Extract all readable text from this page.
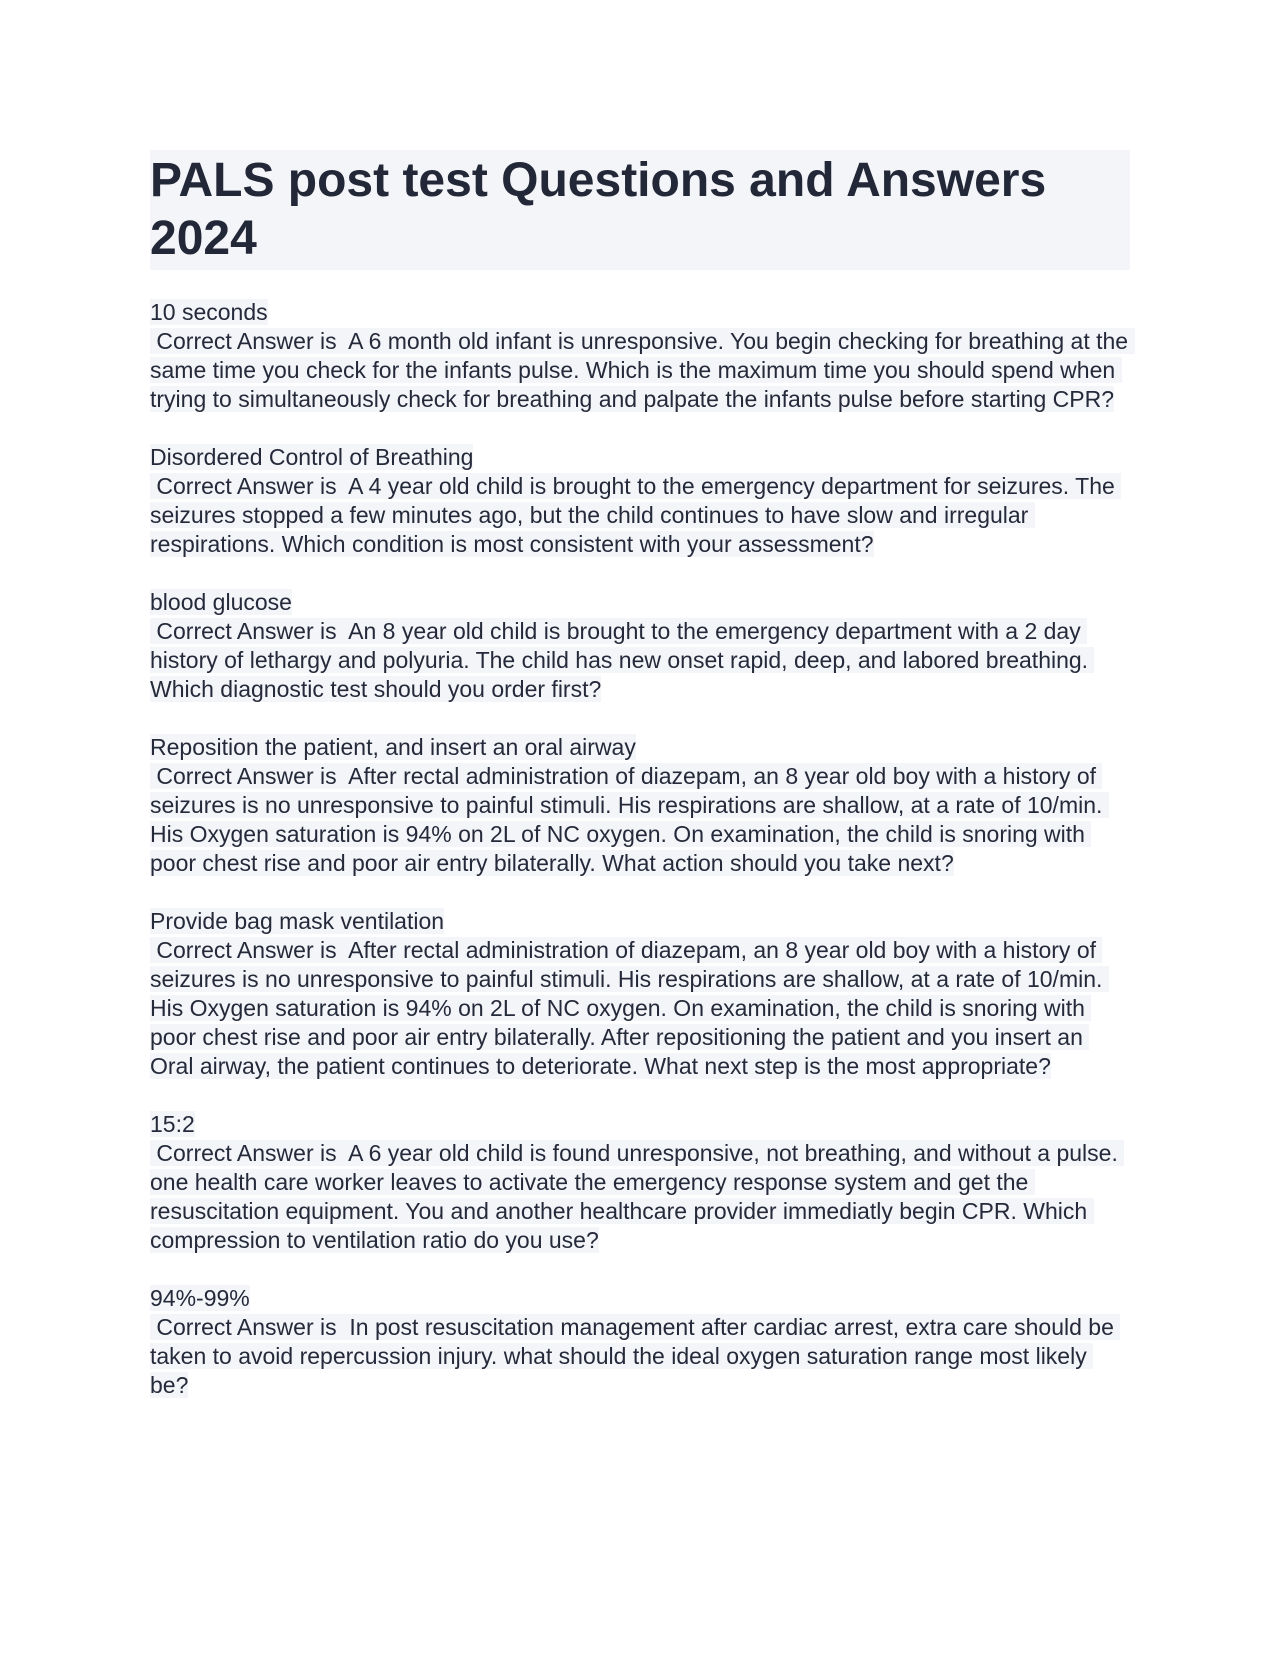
PALS post test Questions and Answers 2024
10 seconds
Correct Answer is  A 6 month old infant is unresponsive. You begin checking for breathing at the same time you check for the infants pulse. Which is the maximum time you should spend when trying to simultaneously check for breathing and palpate the infants pulse before starting CPR?
Disordered Control of Breathing
Correct Answer is  A 4 year old child is brought to the emergency department for seizures. The seizures stopped a few minutes ago, but the child continues to have slow and irregular respirations. Which condition is most consistent with your assessment?
blood glucose
Correct Answer is  An 8 year old child is brought to the emergency department with a 2 day history of lethargy and polyuria. The child has new onset rapid, deep, and labored breathing. Which diagnostic test should you order first?
Reposition the patient, and insert an oral airway
Correct Answer is  After rectal administration of diazepam, an 8 year old boy with a history of seizures is no unresponsive to painful stimuli. His respirations are shallow, at a rate of 10/min. His Oxygen saturation is 94% on 2L of NC oxygen. On examination, the child is snoring with poor chest rise and poor air entry bilaterally. What action should you take next?
Provide bag mask ventilation
Correct Answer is  After rectal administration of diazepam, an 8 year old boy with a history of seizures is no unresponsive to painful stimuli. His respirations are shallow, at a rate of 10/min. His Oxygen saturation is 94% on 2L of NC oxygen. On examination, the child is snoring with poor chest rise and poor air entry bilaterally. After repositioning the patient and you insert an Oral airway, the patient continues to deteriorate. What next step is the most appropriate?
15:2
Correct Answer is  A 6 year old child is found unresponsive, not breathing, and without a pulse. one health care worker leaves to activate the emergency response system and get the resuscitation equipment. You and another healthcare provider immediatly begin CPR. Which compression to ventilation ratio do you use?
94%-99%
Correct Answer is  In post resuscitation management after cardiac arrest, extra care should be taken to avoid repercussion injury. what should the ideal oxygen saturation range most likely be?
